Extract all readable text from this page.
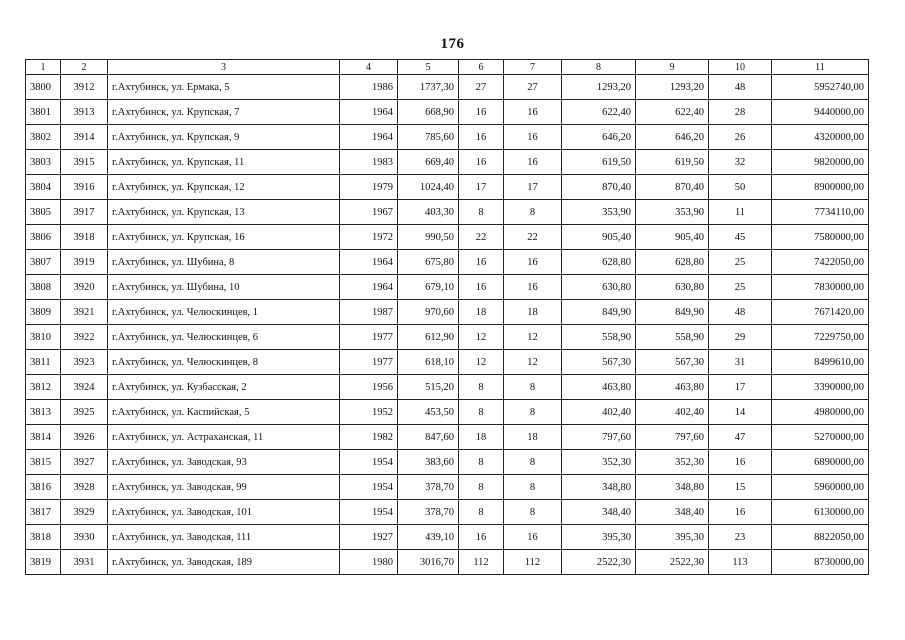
176
1	2	3	4	5	6	7	8	9	10	11
3800	3912	г.Ахтубинск, ул. Ермака, 5	1986	1737,30	27	27	1293,20	1293,20	48	5952740,00
3801	3913	г.Ахтубинск, ул. Крупская, 7	1964	668,90	16	16	622,40	622,40	28	9440000,00
3802	3914	г.Ахтубинск, ул. Крупская, 9	1964	785,60	16	16	646,20	646,20	26	4320000,00
3803	3915	г.Ахтубинск, ул. Крупская, 11	1983	669,40	16	16	619,50	619,50	32	9820000,00
3804	3916	г.Ахтубинск, ул. Крупская, 12	1979	1024,40	17	17	870,40	870,40	50	8900000,00
3805	3917	г.Ахтубинск, ул. Крупская, 13	1967	403,30	8	8	353,90	353,90	11	7734110,00
3806	3918	г.Ахтубинск, ул. Крупская, 16	1972	990,50	22	22	905,40	905,40	45	7580000,00
3807	3919	г.Ахтубинск, ул. Шубина, 8	1964	675,80	16	16	628,80	628,80	25	7422050,00
3808	3920	г.Ахтубинск, ул. Шубина, 10	1964	679,10	16	16	630,80	630,80	25	7830000,00
3809	3921	г.Ахтубинск, ул. Челюскинцев, 1	1987	970,60	18	18	849,90	849,90	48	7671420,00
3810	3922	г.Ахтубинск, ул. Челюскинцев, 6	1977	612,90	12	12	558,90	558,90	29	7229750,00
3811	3923	г.Ахтубинск, ул. Челюскинцев, 8	1977	618,10	12	12	567,30	567,30	31	8499610,00
3812	3924	г.Ахтубинск, ул. Кузбасская, 2	1956	515,20	8	8	463,80	463,80	17	3390000,00
3813	3925	г.Ахтубинск, ул. Каспийская, 5	1952	453,50	8	8	402,40	402,40	14	4980000,00
3814	3926	г.Ахтубинск, ул. Астраханская, 11	1982	847,60	18	18	797,60	797,60	47	5270000,00
3815	3927	г.Ахтубинск, ул. Заводская, 93	1954	383,60	8	8	352,30	352,30	16	6890000,00
3816	3928	г.Ахтубинск, ул. Заводская, 99	1954	378,70	8	8	348,80	348,80	15	5960000,00
3817	3929	г.Ахтубинск, ул. Заводская, 101	1954	378,70	8	8	348,40	348,40	16	6130000,00
3818	3930	г.Ахтубинск, ул. Заводская, 111	1927	439,10	16	16	395,30	395,30	23	8822050,00
3819	3931	г.Ахтубинск, ул. Заводская, 189	1980	3016,70	112	112	2522,30	2522,30	113	8730000,00
